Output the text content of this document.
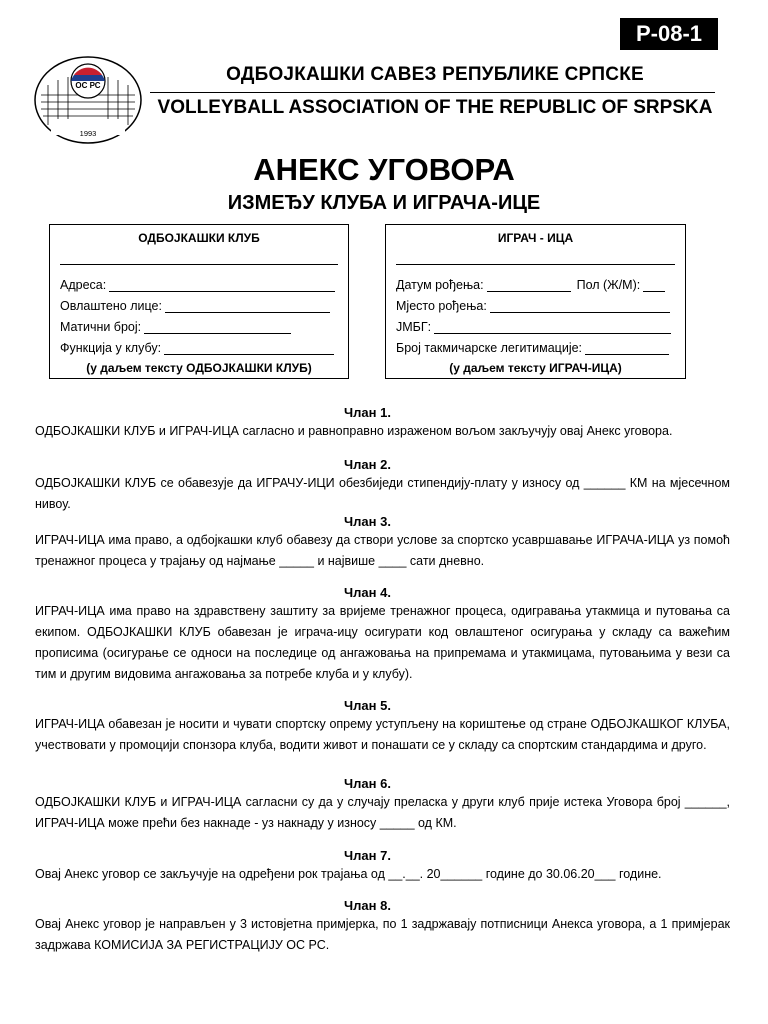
P-08-1
ОС РС
1993
ОДБОЈКАШКИ САВЕЗ РЕПУБЛИКЕ СРПСКЕ
VOLLEYBALL ASSOCIATION OF THE REPUBLIC OF SRPSKA
АНЕКС УГОВОРА
ИЗМЕЂУ КЛУБА И ИГРАЧА-ИЦЕ
ОДБОЈКАШКИ КЛУБ
Адреса:
Овлаштено лице:
Матични број:
Функција у клубу:
(у даљем тексту ОДБОЈКАШКИ КЛУБ)
ИГРАЧ - ИЦА
Датум рођења:	Пол (Ж/М):
Мјесто рођења:
ЈМБГ:
Број такмичарске легитимације:
(у даљем тексту ИГРАЧ-ИЦА)
Члан 1.
ОДБОЈКАШКИ КЛУБ и ИГРАЧ-ИЦА сагласно и равноправно израженом вољом закључују овај Анекс уговора.
Члан 2.
ОДБОЈКАШКИ КЛУБ се обавезује да ИГРАЧУ-ИЦИ обезбиједи стипендију-плату у износу од ______ КМ на мјесечном нивоу.
Члан 3.
ИГРАЧ-ИЦА има право, а одбојкашки клуб обавезу да створи услове за спортско усавршавање ИГРАЧА-ИЦА уз помоћ тренажног процеса у трајању од најмање _____ и највише ____ сати дневно.
Члан 4.
ИГРАЧ-ИЦА има право на здравствену заштиту за вријеме тренажног процеса, одигравања утакмица и путовања са екипом. ОДБОЈКАШКИ КЛУБ обавезан је играча-ицу осигурати код овлаштеног осигурања у складу са важећим прописима (осигурање се односи на последице од ангажовања на припремама и утакмицама, путовањима у вези са тим и другим видовима ангажовања за потребе клуба и у клубу).
Члан 5.
ИГРАЧ-ИЦА обавезан је носити и чувати спортску опрему уступљену на кориштење од стране ОДБОЈКАШКОГ КЛУБА, учествовати у промоцији спонзора клуба, водити живот и понашати се у складу са спортским стандардима и друго.
Члан 6.
ОДБОЈКАШКИ КЛУБ и ИГРАЧ-ИЦА сагласни су да у случају преласка у други клуб прије истека Уговора број ______, ИГРАЧ-ИЦА може прећи без накнаде - уз накнаду у износу _____ од КМ.
Члан 7.
Овај Анекс уговор се закључује на одређени рок трајања од __.__. 20______ године до 30.06.20___ године.
Члан 8.
Овај Анекс уговор је направљен у 3 истовјетна примјерка, по 1 задржавају потписници Анекса уговора, а 1 примјерак задржава КОМИСИЈА ЗА РЕГИСТРАЦИЈУ ОС РС.
